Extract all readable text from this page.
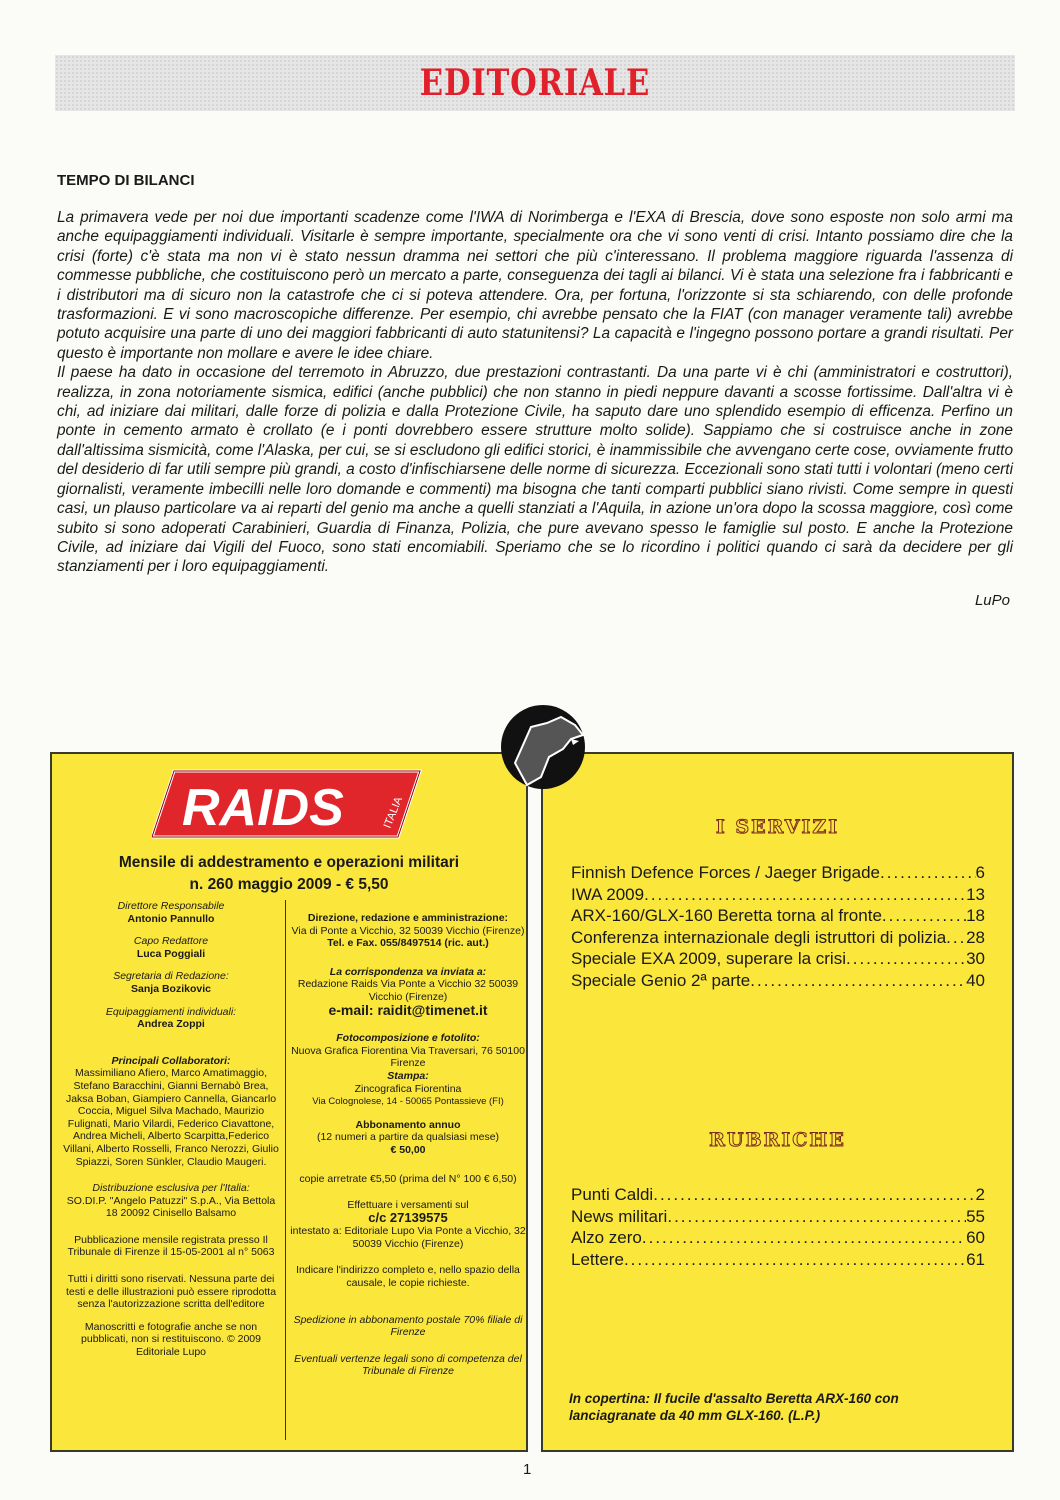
EDITORIALE
TEMPO DI BILANCI

La primavera vede per noi due importanti scadenze come l'IWA di Norimberga e l'EXA di Brescia, dove sono esposte non solo armi ma anche equipaggiamenti individuali. Visitarle è sempre importante, specialmente ora che vi sono venti di crisi. Intanto possiamo dire che la crisi (forte) c'è stata ma non vi è stato nessun dramma nei settori che più c'interessano. Il problema maggiore riguarda l'assenza di commesse pubbliche, che costituiscono però un mercato a parte, conseguenza dei tagli ai bilanci. Vi è stata una selezione fra i fabbricanti e i distributori ma di sicuro non la catastrofe che ci si poteva attendere. Ora, per fortuna, l'orizzonte si sta schiarendo, con delle profonde trasformazioni. E vi sono macroscopiche differenze. Per esempio, chi avrebbe pensato che la FIAT (con manager veramente tali) avrebbe potuto acquisire una parte di uno dei maggiori fabbricanti di auto statunitensi? La capacità e l'ingegno possono portare a grandi risultati. Per questo è importante non mollare e avere le idee chiare.

Il paese ha dato in occasione del terremoto in Abruzzo, due prestazioni contrastanti. Da una parte vi è chi (amministratori e costruttori), realizza, in zona notoriamente sismica, edifici (anche pubblici) che non stanno in piedi neppure davanti a scosse fortissime. Dall'altra vi è chi, ad iniziare dai militari, dalle forze di polizia e dalla Protezione Civile, ha saputo dare uno splendido esempio di efficenza. Perfino un ponte in cemento armato è crollato (e i ponti dovrebbero essere strutture molto solide). Sappiamo che si costruisce anche in zone dall'altissima sismicità, come l'Alaska, per cui, se si escludono gli edifici storici, è inammissibile che avvengano certe cose, ovviamente frutto del desiderio di far utili sempre più grandi, a costo d'infischiarsene delle norme di sicurezza. Eccezionali sono stati tutti i volontari (meno certi giornalisti, veramente imbecilli nelle loro domande e commenti) ma bisogna che tanti comparti pubblici siano rivisti. Come sempre in questi casi, un plauso particolare va ai reparti del genio ma anche a quelli stanziati a l'Aquila, in azione un'ora dopo la scossa maggiore, così come subito si sono adoperati Carabinieri, Guardia di Finanza, Polizia, che pure avevano spesso le famiglie sul posto. E anche la Protezione Civile, ad iniziare dai Vigili del Fuoco, sono stati encomiabili. Speriamo che se lo ricordino i politici quando ci sarà da decidere per gli stanziamenti per i loro equipaggiamenti.

LuPo
RAIDS	ITALIA
Mensile di addestramento e operazioni militari
n. 260 maggio 2009 - € 5,50

Direttore Responsabile
Antonio Pannullo

Capo Redattore
Luca Poggiali

Segretaria di Redazione:
Sanja Bozikovic

Equipaggiamenti individuali:
Andrea Zoppi

Principali Collaboratori:
Massimiliano Afiero, Marco Amatimaggio, Stefano Baracchini, Gianni Bernabò Brea, Jaksa Boban, Giampiero Cannella, Giancarlo Coccia, Miguel Silva Machado, Maurizio Fulignati, Mario Vilardi, Federico Ciavattone, Andrea Micheli, Alberto Scarpitta,Federico Villani, Alberto Rosselli, Franco Nerozzi, Giulio Spiazzi, Soren Sünkler, Claudio Maugeri.

Distribuzione esclusiva per l'Italia:
SO.DI.P. "Angelo Patuzzi" S.p.A., Via Bettola 18 20092 Cinisello Balsamo

Pubblicazione mensile registrata presso Il Tribunale di Firenze il 15-05-2001 al n° 5063

Tutti i diritti sono riservati. Nessuna parte dei testi e delle illustrazioni può essere riprodotta senza l'autorizzazione scritta dell'editore

Manoscritti e fotografie anche se non pubblicati, non si restituiscono. © 2009 Editoriale Lupo

Direzione, redazione e amministrazione:
Via di Ponte a Vicchio, 32 50039 Vicchio (Firenze)
Tel. e Fax. 055/8497514 (ric. aut.)

La corrispondenza va inviata a:
Redazione Raids Via Ponte a Vicchio 32 50039 Vicchio (Firenze)
e-mail: raidit@timenet.it

Fotocomposizione e fotolito:
Nuova Grafica Fiorentina Via Traversari, 76 50100 Firenze
Stampa:
Zincografica Fiorentina
Via Colognolese, 14 - 50065 Pontassieve (FI)

Abbonamento annuo
(12 numeri a partire da qualsiasi mese)
€ 50,00

copie arretrate €5,50 (prima del N° 100 € 6,50)

Effettuare i versamenti sul
c/c 27139575
intestato a: Editoriale Lupo Via Ponte a Vicchio, 32 50039 Vicchio (Firenze)

Indicare l'indirizzo completo e, nello spazio della causale, le copie richieste.

Spedizione in abbonamento postale 70% filiale di Firenze

Eventuali vertenze legali sono di competenza del Tribunale di Firenze

I SERVIZI
Finnish Defence Forces / Jaeger Brigade .....	6
IWA 2009 .....	13
ARX-160/GLX-160 Beretta torna al fronte .....	18
Conferenza internazionale degli istruttori di polizia ..... 28
Speciale EXA 2009, superare la crisi .....	30
Speciale Genio 2ª parte .....	40
RUBRICHE
Punti Caldi .....	2
News militari .....	55
Alzo zero .....	60
Lettere .....	61
In copertina: Il fucile d'assalto Beretta ARX-160 con lanciagranate da 40 mm GLX-160. (L.P.)
1
